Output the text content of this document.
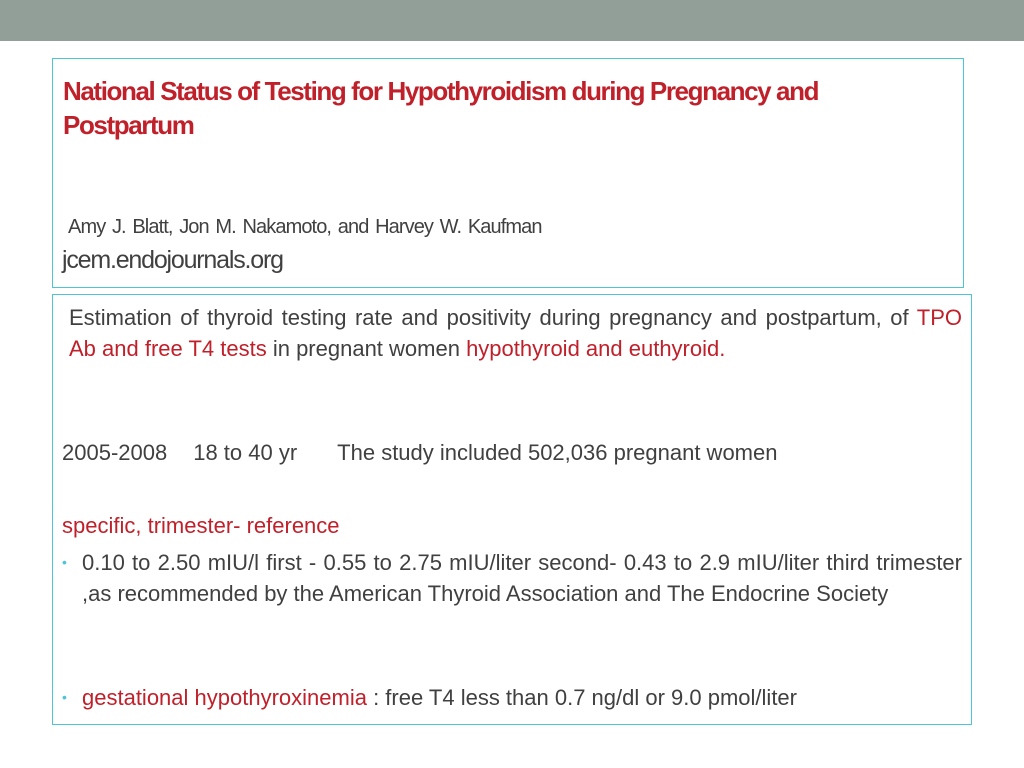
National Status of Testing for Hypothyroidism during Pregnancy and Postpartum
Amy J. Blatt, Jon M. Nakamoto, and Harvey W. Kaufman
jcem.endojournals.org

Estimation of thyroid testing rate and positivity during pregnancy and postpartum, of TPO Ab and free T4 tests in pregnant women hypothyroid and euthyroid.

2005-2008 18 to 40 yr The study included 502,036 pregnant women

specific, trimester- reference

• 0.10 to 2.50 mIU/l first - 0.55 to 2.75 mIU/liter second- 0.43 to 2.9 mIU/liter third trimester ,as recommended by the American Thyroid Association and The Endocrine Society
• gestational hypothyroxinemia : free T4 less than 0.7 ng/dl or 9.0 pmol/liter
